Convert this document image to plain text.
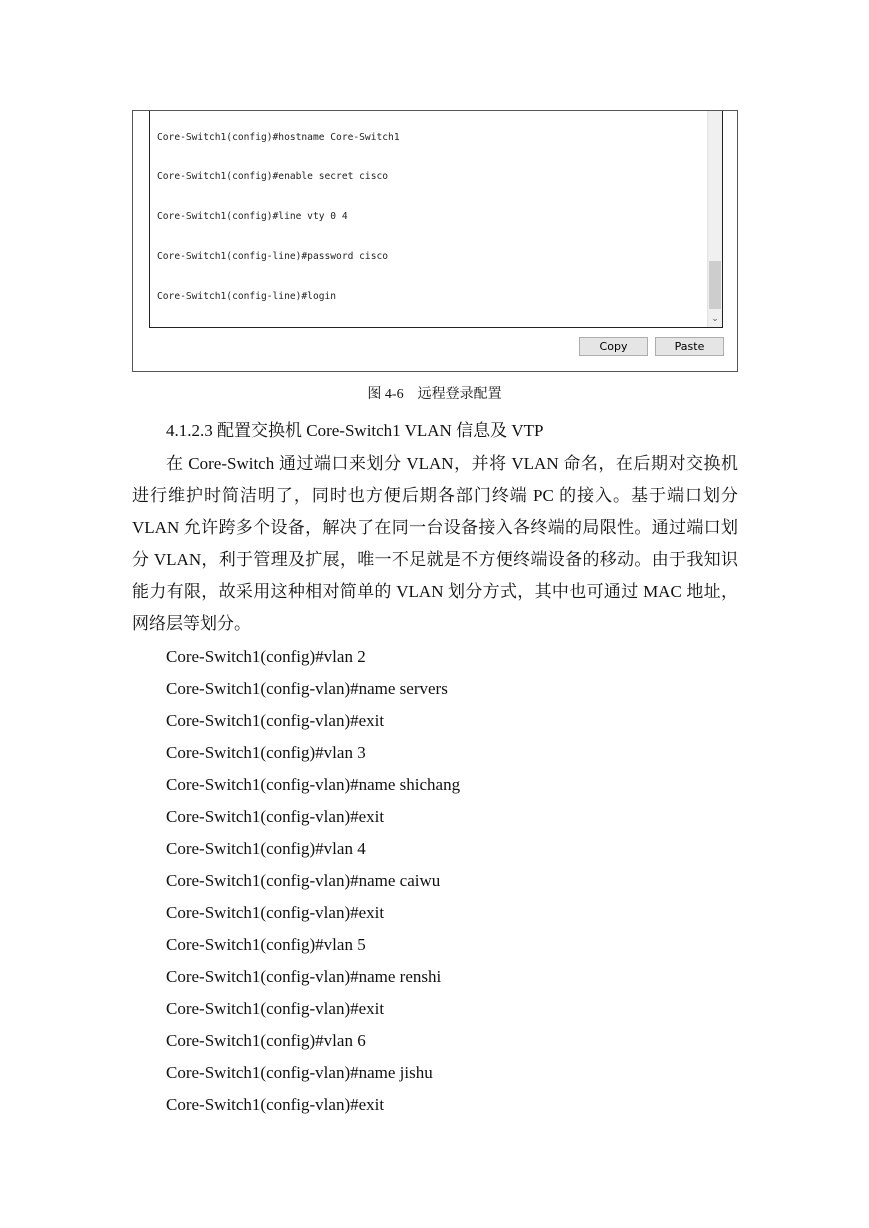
Core-Switch1(config)#hostname Core-Switch1

Core-Switch1(config)#enable secret cisco

Core-Switch1(config)#line vty 0 4

Core-Switch1(config-line)#password cisco

Core-Switch1(config-line)#login

⌄
Copy	Paste
图 4-6　远程登录配置
4.1.2.3 配置交换机 Core-Switch1 VLAN 信息及 VTP
在 Core-Switch 通过端口来划分 VLAN，并将 VLAN 命名，在后期对交换机
进行维护时简洁明了，同时也方便后期各部门终端 PC 的接入。基于端口划分
VLAN 允许跨多个设备，解决了在同一台设备接入各终端的局限性。通过端口划
分 VLAN，利于管理及扩展，唯一不足就是不方便终端设备的移动。由于我知识
能力有限，故采用这种相对简单的 VLAN 划分方式，其中也可通过 MAC 地址，
网络层等划分。
Core-Switch1(config)#vlan 2
Core-Switch1(config-vlan)#name servers
Core-Switch1(config-vlan)#exit
Core-Switch1(config)#vlan 3
Core-Switch1(config-vlan)#name shichang
Core-Switch1(config-vlan)#exit
Core-Switch1(config)#vlan 4
Core-Switch1(config-vlan)#name caiwu
Core-Switch1(config-vlan)#exit
Core-Switch1(config)#vlan 5
Core-Switch1(config-vlan)#name renshi
Core-Switch1(config-vlan)#exit
Core-Switch1(config)#vlan 6
Core-Switch1(config-vlan)#name jishu
Core-Switch1(config-vlan)#exit
